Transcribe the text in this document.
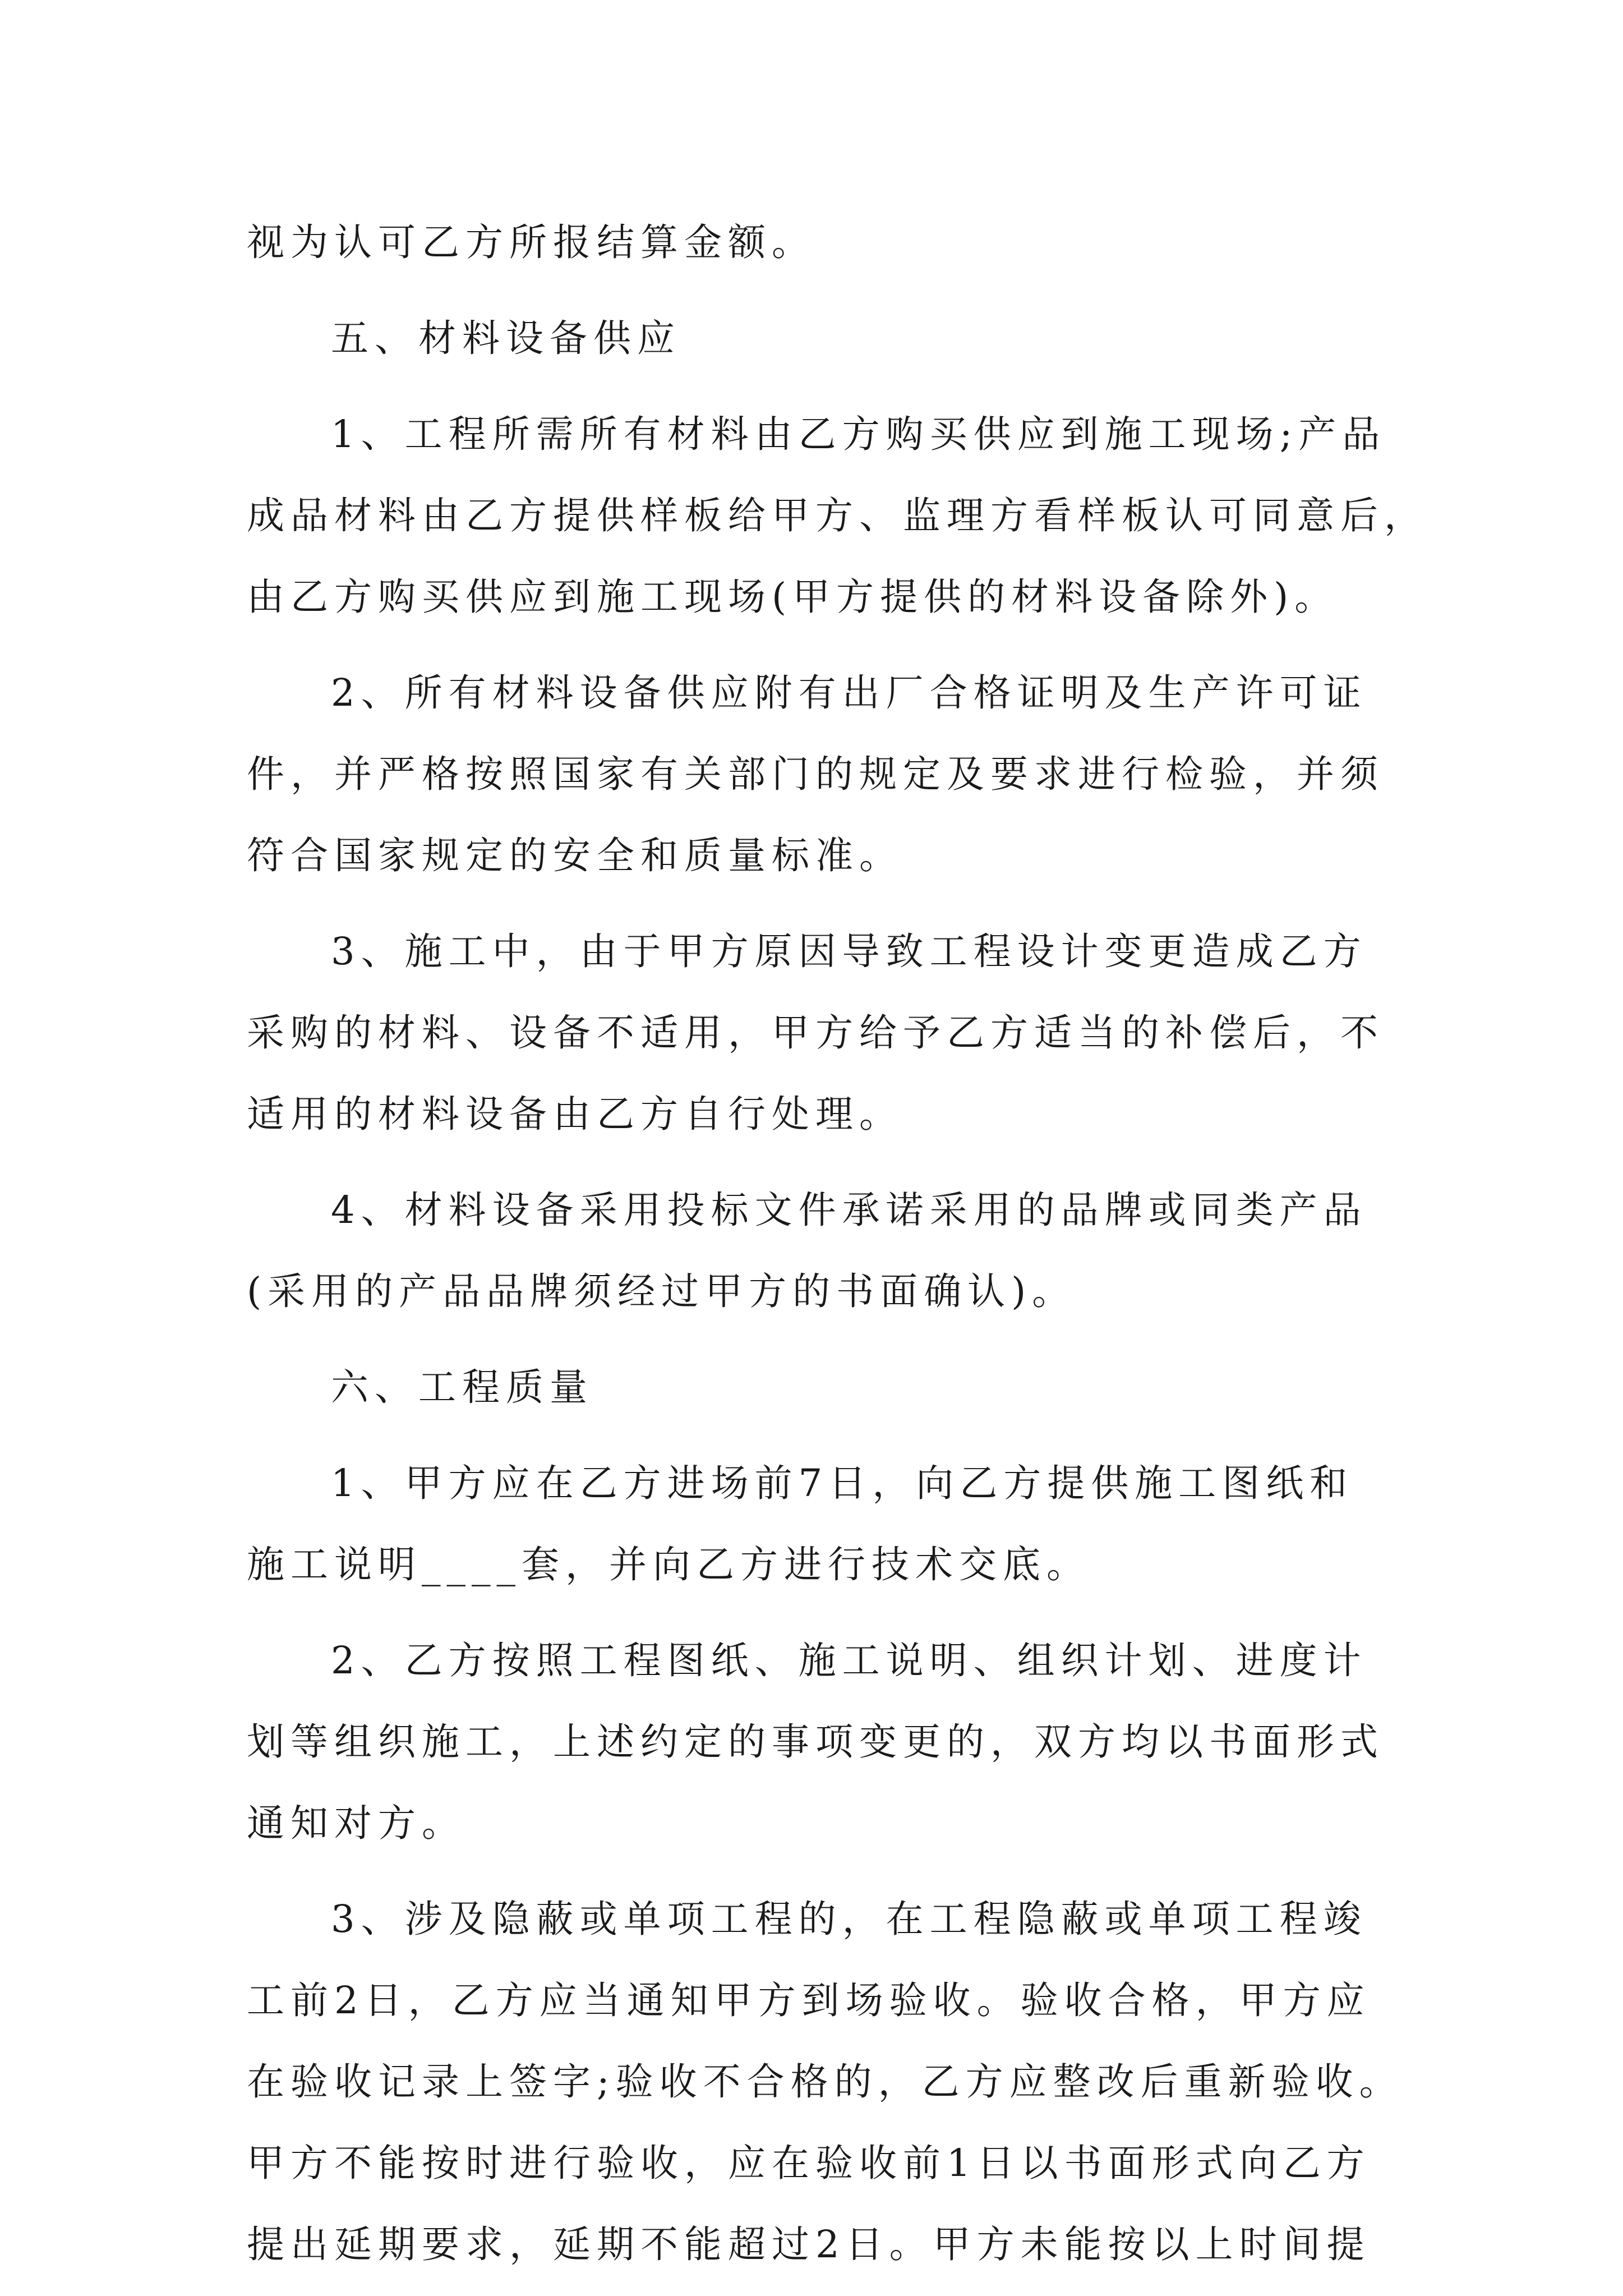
视为认可乙方所报结算金额。
五、材料设备供应
1、工程所需所有材料由乙方购买供应到施工现场;产品
成品材料由乙方提供样板给甲方、监理方看样板认可同意后，
由乙方购买供应到施工现场(甲方提供的材料设备除外)。
2、所有材料设备供应附有出厂合格证明及生产许可证
件，并严格按照国家有关部门的规定及要求进行检验，并须
符合国家规定的安全和质量标准。
3、施工中，由于甲方原因导致工程设计变更造成乙方
采购的材料、设备不适用，甲方给予乙方适当的补偿后，不
适用的材料设备由乙方自行处理。
4、材料设备采用投标文件承诺采用的品牌或同类产品
(采用的产品品牌须经过甲方的书面确认)。
六、工程质量
1、甲方应在乙方进场前7日，向乙方提供施工图纸和
施工说明____套，并向乙方进行技术交底。
2、乙方按照工程图纸、施工说明、组织计划、进度计
划等组织施工，上述约定的事项变更的，双方均以书面形式
通知对方。
3、涉及隐蔽或单项工程的，在工程隐蔽或单项工程竣
工前2日，乙方应当通知甲方到场验收。验收合格，甲方应
在验收记录上签字;验收不合格的，乙方应整改后重新验收。
甲方不能按时进行验收，应在验收前1日以书面形式向乙方
提出延期要求，延期不能超过2日。甲方未能按以上时间提
